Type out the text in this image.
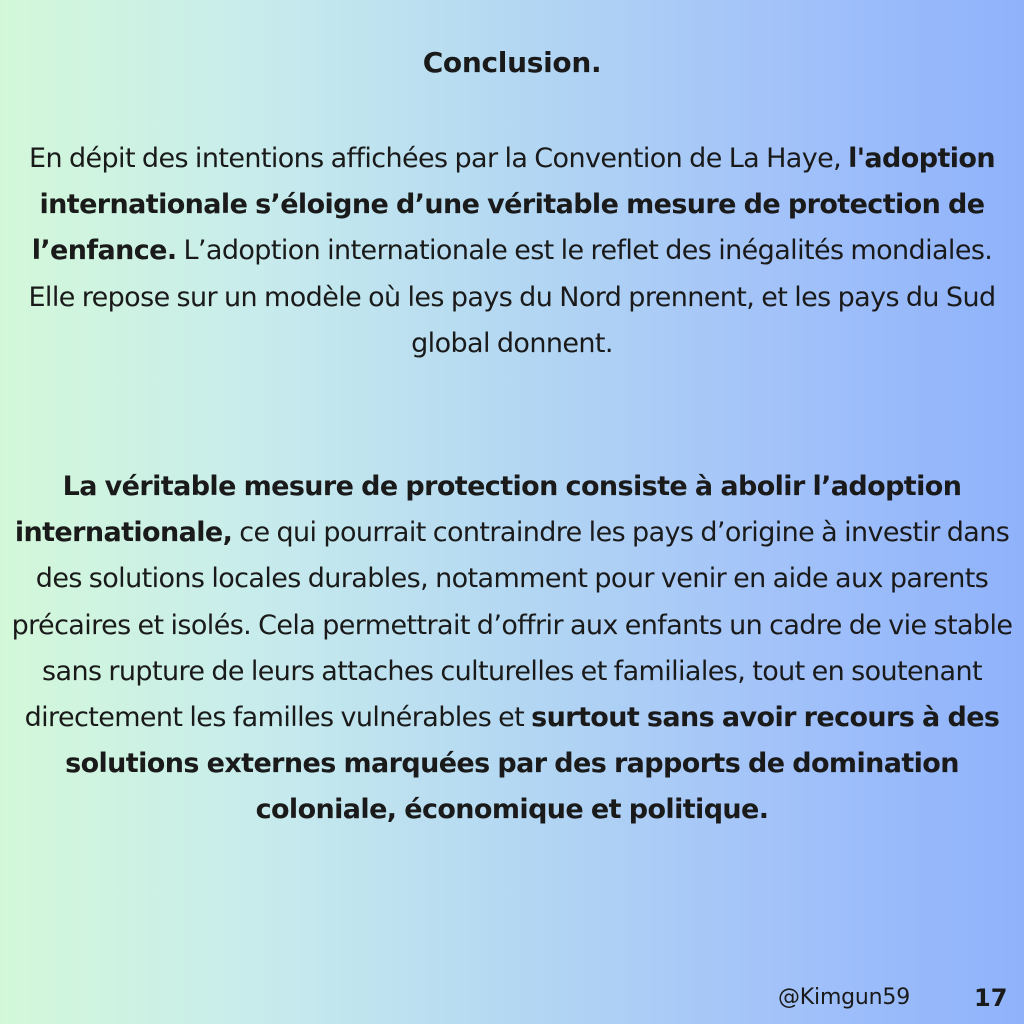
Conclusion.
En dépit des intentions affichées par la Convention de La Haye, l'adoption internationale s’éloigne d’une véritable mesure de protection de l’enfance. L’adoption internationale est le reflet des inégalités mondiales. Elle repose sur un modèle où les pays du Nord prennent, et les pays du Sud global donnent.
La véritable mesure de protection consiste à abolir l’adoption internationale, ce qui pourrait contraindre les pays d’origine à investir dans des solutions locales durables, notamment pour venir en aide aux parents précaires et isolés. Cela permettrait d’offrir aux enfants un cadre de vie stable sans rupture de leurs attaches culturelles et familiales, tout en soutenant directement les familles vulnérables et surtout sans avoir recours à des solutions externes marquées par des rapports de domination coloniale, économique et politique.
@Kimgun59	17
